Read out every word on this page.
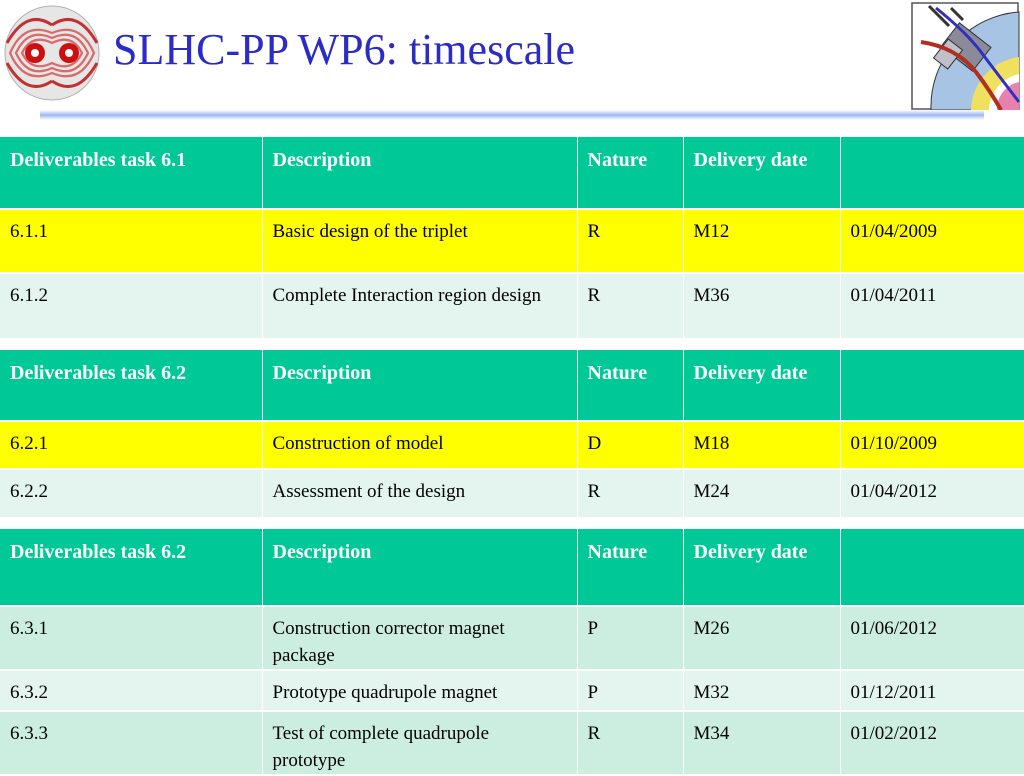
SLHC-PP WP6: timescale
Deliverables task 6.1	Description	Nature	Delivery date	
6.1.1	Basic design of the triplet	R	M12	01/04/2009
6.1.2	Complete Interaction region design	R	M36	01/04/2011
Deliverables task 6.2	Description	Nature	Delivery date	
6.2.1	Construction of model	D	M18	01/10/2009
6.2.2	Assessment of the design	R	M24	01/04/2012
Deliverables task 6.2	Description	Nature	Delivery date	
6.3.1	Construction corrector magnet package	P	M26	01/06/2012
6.3.2	Prototype quadrupole magnet	P	M32	01/12/2011
6.3.3	Test of complete quadrupole prototype	R	M34	01/02/2012
